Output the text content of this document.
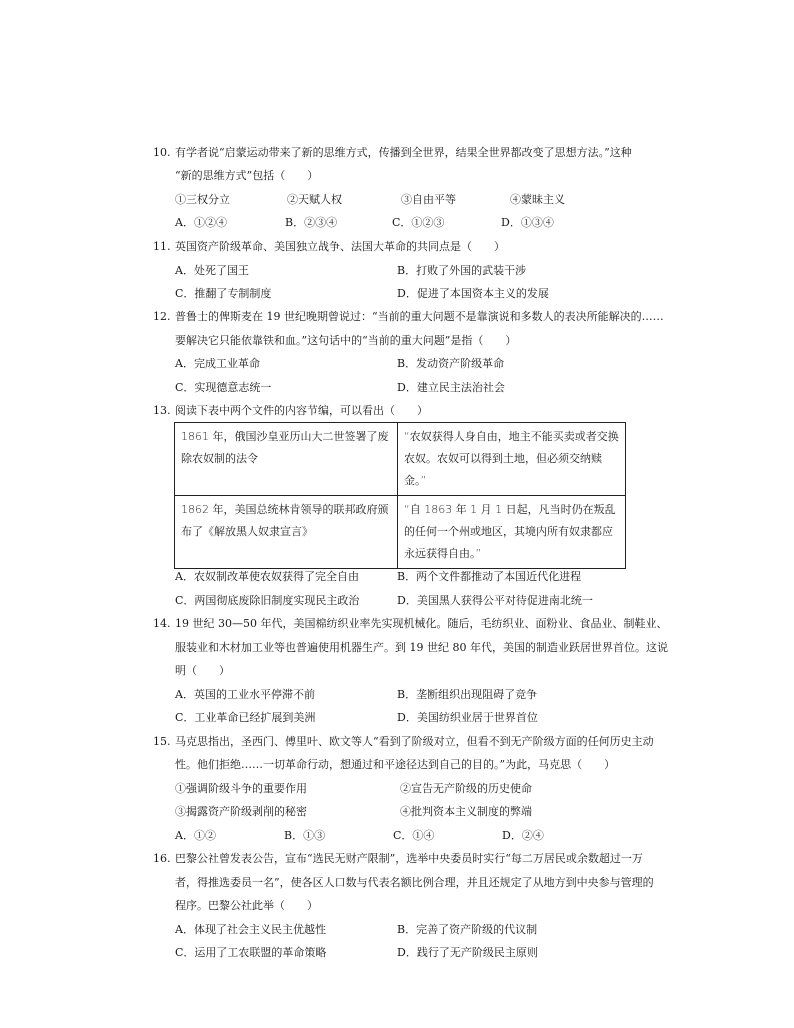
10. 有学者说“启蒙运动带来了新的思维方式，传播到全世界，结果全世界都改变了思想方法。”这种
“新的思维方式”包括（　　）
①三权分立	②天赋人权	③自由平等	④蒙昧主义
A．①②④	B．②③④	C．①②③	D．①③④
11. 英国资产阶级革命、美国独立战争、法国大革命的共同点是（　　）
A．处死了国王	B．打败了外国的武装干涉
C．推翻了专制制度	D．促进了本国资本主义的发展
12. 普鲁士的俾斯麦在 19 世纪晚期曾说过：“当前的重大问题不是靠演说和多数人的表决所能解决的……
要解决它只能依靠铁和血。”这句话中的“当前的重大问题”是指（　　）
A．完成工业革命	B．发动资产阶级革命
C．实现德意志统一	D．建立民主法治社会
13. 阅读下表中两个文件的内容节编，可以看出（　　）
1861 年，俄国沙皇亚历山大二世签署了废除农奴制的法令	“农奴获得人身自由，地主不能买卖或者交换农奴。农奴可以得到土地，但必须交纳赎金。”
1862 年，美国总统林肯领导的联邦政府颁布了《解放黑人奴隶宣言》	“自 1863 年 1 月 1 日起，凡当时仍在叛乱的任何一个州或地区，其境内所有奴隶都应永远获得自由。”
A．农奴制改革使农奴获得了完全自由	B．两个文件都推动了本国近代化进程
C．两国彻底废除旧制度实现民主政治	D．美国黑人获得公平对待促进南北统一
14. 19 世纪 30—50 年代，美国棉纺织业率先实现机械化。随后，毛纺织业、面粉业、食品业、制鞋业、
服装业和木材加工业等也普遍使用机器生产。到 19 世纪 80 年代，美国的制造业跃居世界首位。这说
明（　　）
A．英国的工业水平停滞不前	B．垄断组织出现阻碍了竞争
C．工业革命已经扩展到美洲	D．美国纺织业居于世界首位
15. 马克思指出，圣西门、傅里叶、欧文等人“看到了阶级对立，但看不到无产阶级方面的任何历史主动
性。他们拒绝……一切革命行动，想通过和平途径达到自己的目的。”为此，马克思（　　）
①强调阶级斗争的重要作用	②宣告无产阶级的历史使命
③揭露资产阶级剥削的秘密	④批判资本主义制度的弊端
A．①②	B．①③	C．①④	D．②④
16. 巴黎公社曾发表公告，宣布“选民无财产限制”，选举中央委员时实行“每二万居民或余数超过一万
者，得推选委员一名”，使各区人口数与代表名额比例合理，并且还规定了从地方到中央参与管理的
程序。巴黎公社此举（　　）
A．体现了社会主义民主优越性	B．完善了资产阶级的代议制
C．运用了工农联盟的革命策略	D．践行了无产阶级民主原则
